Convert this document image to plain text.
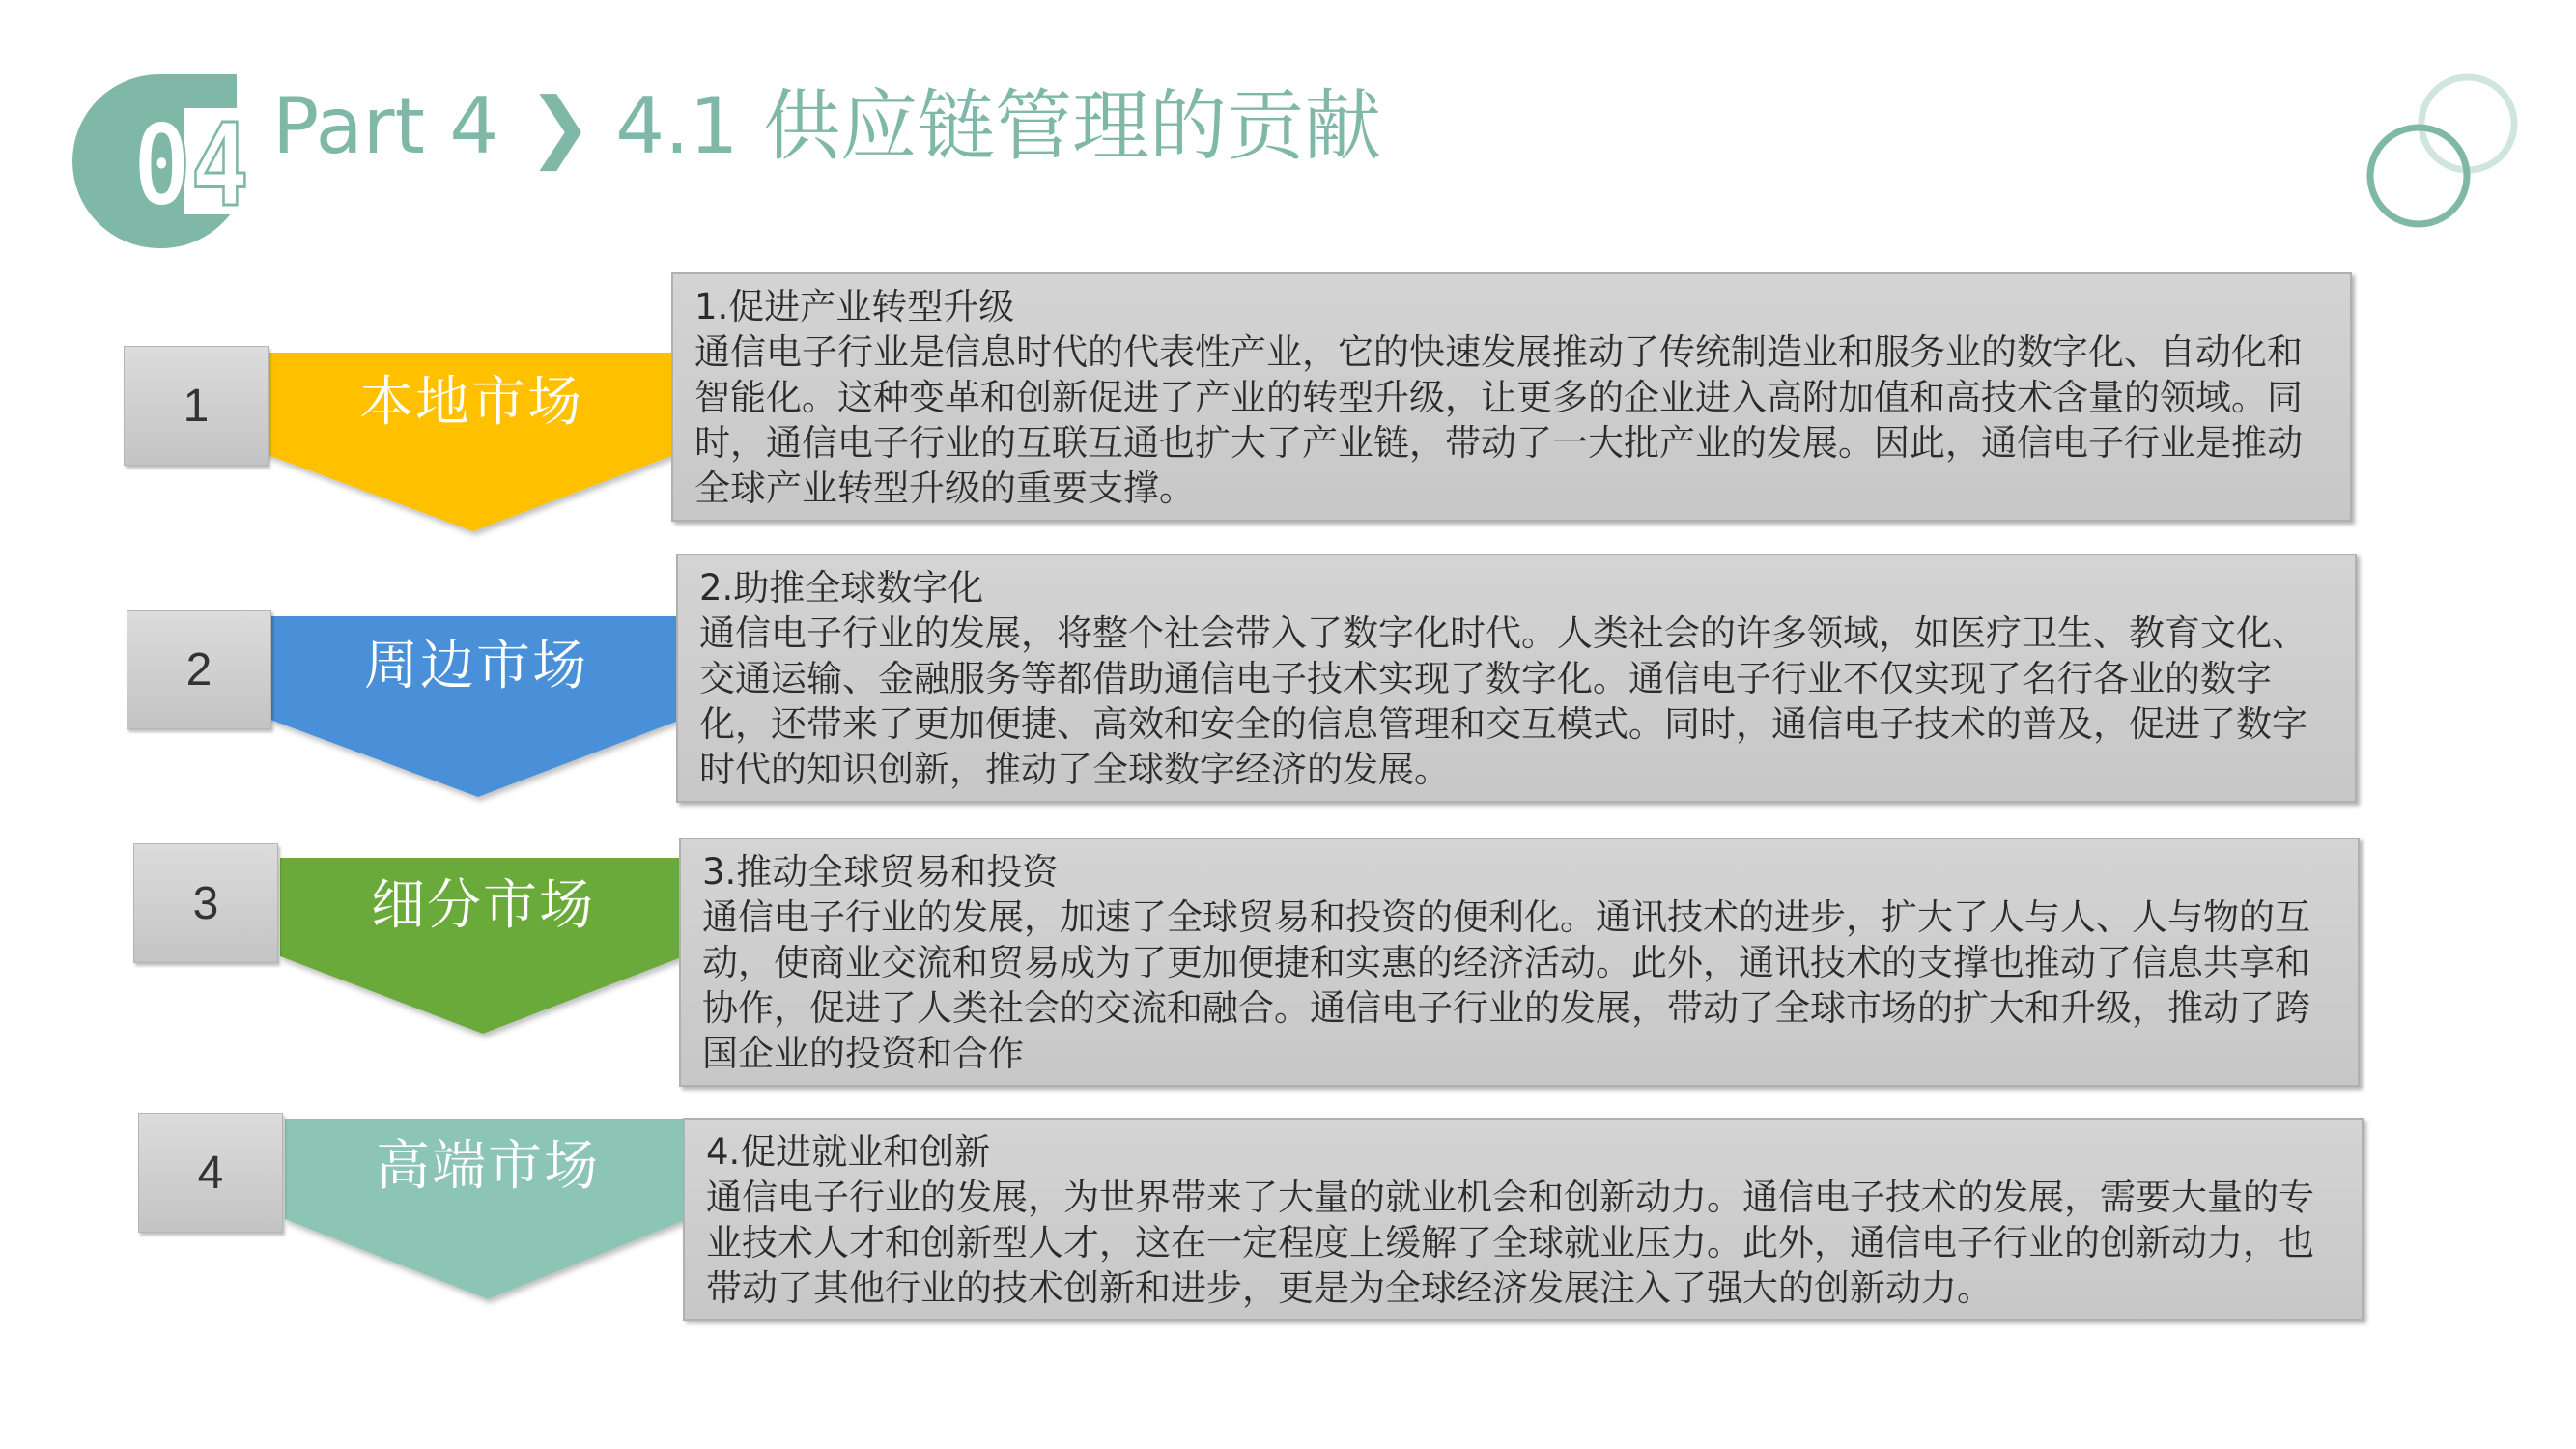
04 Part 4 ❯ 4.1 供应链管理的贡献
本地市场
周边市场
细分市场
高端市场
1
2
3
4
1.促进产业转型升级
通信电子行业是信息时代的代表性产业，它的快速发展推动了传统制造业和服务业的数字化、自动化和智能化。这种变革和创新促进了产业的转型升级，让更多的企业进入高附加值和高技术含量的领域。同时，通信电子行业的互联互通也扩大了产业链，带动了一大批产业的发展。因此，通信电子行业是推动全球产业转型升级的重要支撑。
2.助推全球数字化
通信电子行业的发展，将整个社会带入了数字化时代。人类社会的许多领域，如医疗卫生、教育文化、交通运输、金融服务等都借助通信电子技术实现了数字化。通信电子行业不仅实现了名行各业的数字化，还带来了更加便捷、高效和安全的信息管理和交互模式。同时，通信电子技术的普及，促进了数字时代的知识创新，推动了全球数字经济的发展。
3.推动全球贸易和投资
通信电子行业的发展，加速了全球贸易和投资的便利化。通讯技术的进步，扩大了人与人、人与物的互动，使商业交流和贸易成为了更加便捷和实惠的经济活动。此外，通讯技术的支撑也推动了信息共享和协作，促进了人类社会的交流和融合。通信电子行业的发展，带动了全球市场的扩大和升级，推动了跨国企业的投资和合作
4.促进就业和创新
通信电子行业的发展，为世界带来了大量的就业机会和创新动力。通信电子技术的发展，需要大量的专业技术人才和创新型人才，这在一定程度上缓解了全球就业压力。此外，通信电子行业的创新动力，也带动了其他行业的技术创新和进步，更是为全球经济发展注入了强大的创新动力。
